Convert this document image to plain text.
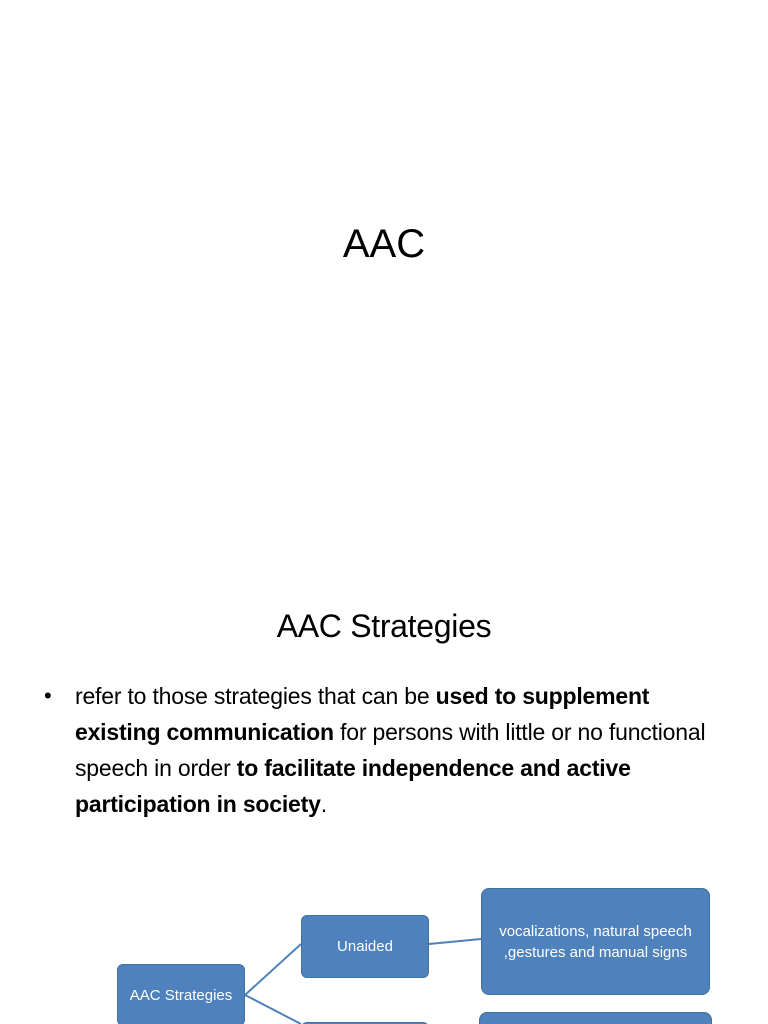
AAC
AAC Strategies
• refer to those strategies that can be used to supplement existing communication for persons with little or no functional speech in order to facilitate independence and active participation in society.
AAC Strategies
Unaided
vocalizations, natural speech ,gestures and manual signs
